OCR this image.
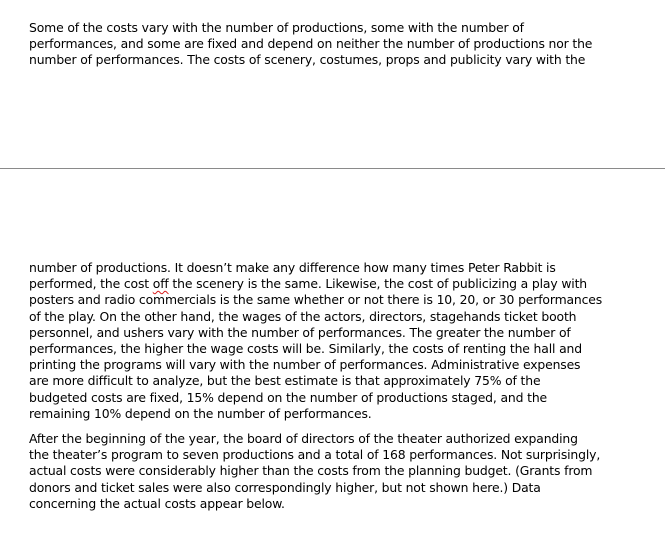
Some of the costs vary with the number of productions, some with the number of
performances, and some are fixed and depend on neither the number of productions nor the
number of performances. The costs of scenery, costumes, props and publicity vary with the

number of productions. It doesn’t make any difference how many times Peter Rabbit is
performed, the cost off the scenery is the same. Likewise, the cost of publicizing a play with
posters and radio commercials is the same whether or not there is 10, 20, or 30 performances
of the play. On the other hand, the wages of the actors, directors, stagehands ticket booth
personnel, and ushers vary with the number of performances. The greater the number of
performances, the higher the wage costs will be. Similarly, the costs of renting the hall and
printing the programs will vary with the number of performances. Administrative expenses
are more difficult to analyze, but the best estimate is that approximately 75% of the
budgeted costs are fixed, 15% depend on the number of productions staged, and the
remaining 10% depend on the number of performances.

After the beginning of the year, the board of directors of the theater authorized expanding
the theater’s program to seven productions and a total of 168 performances. Not surprisingly,
actual costs were considerably higher than the costs from the planning budget. (Grants from
donors and ticket sales were also correspondingly higher, but not shown here.) Data
concerning the actual costs appear below.
